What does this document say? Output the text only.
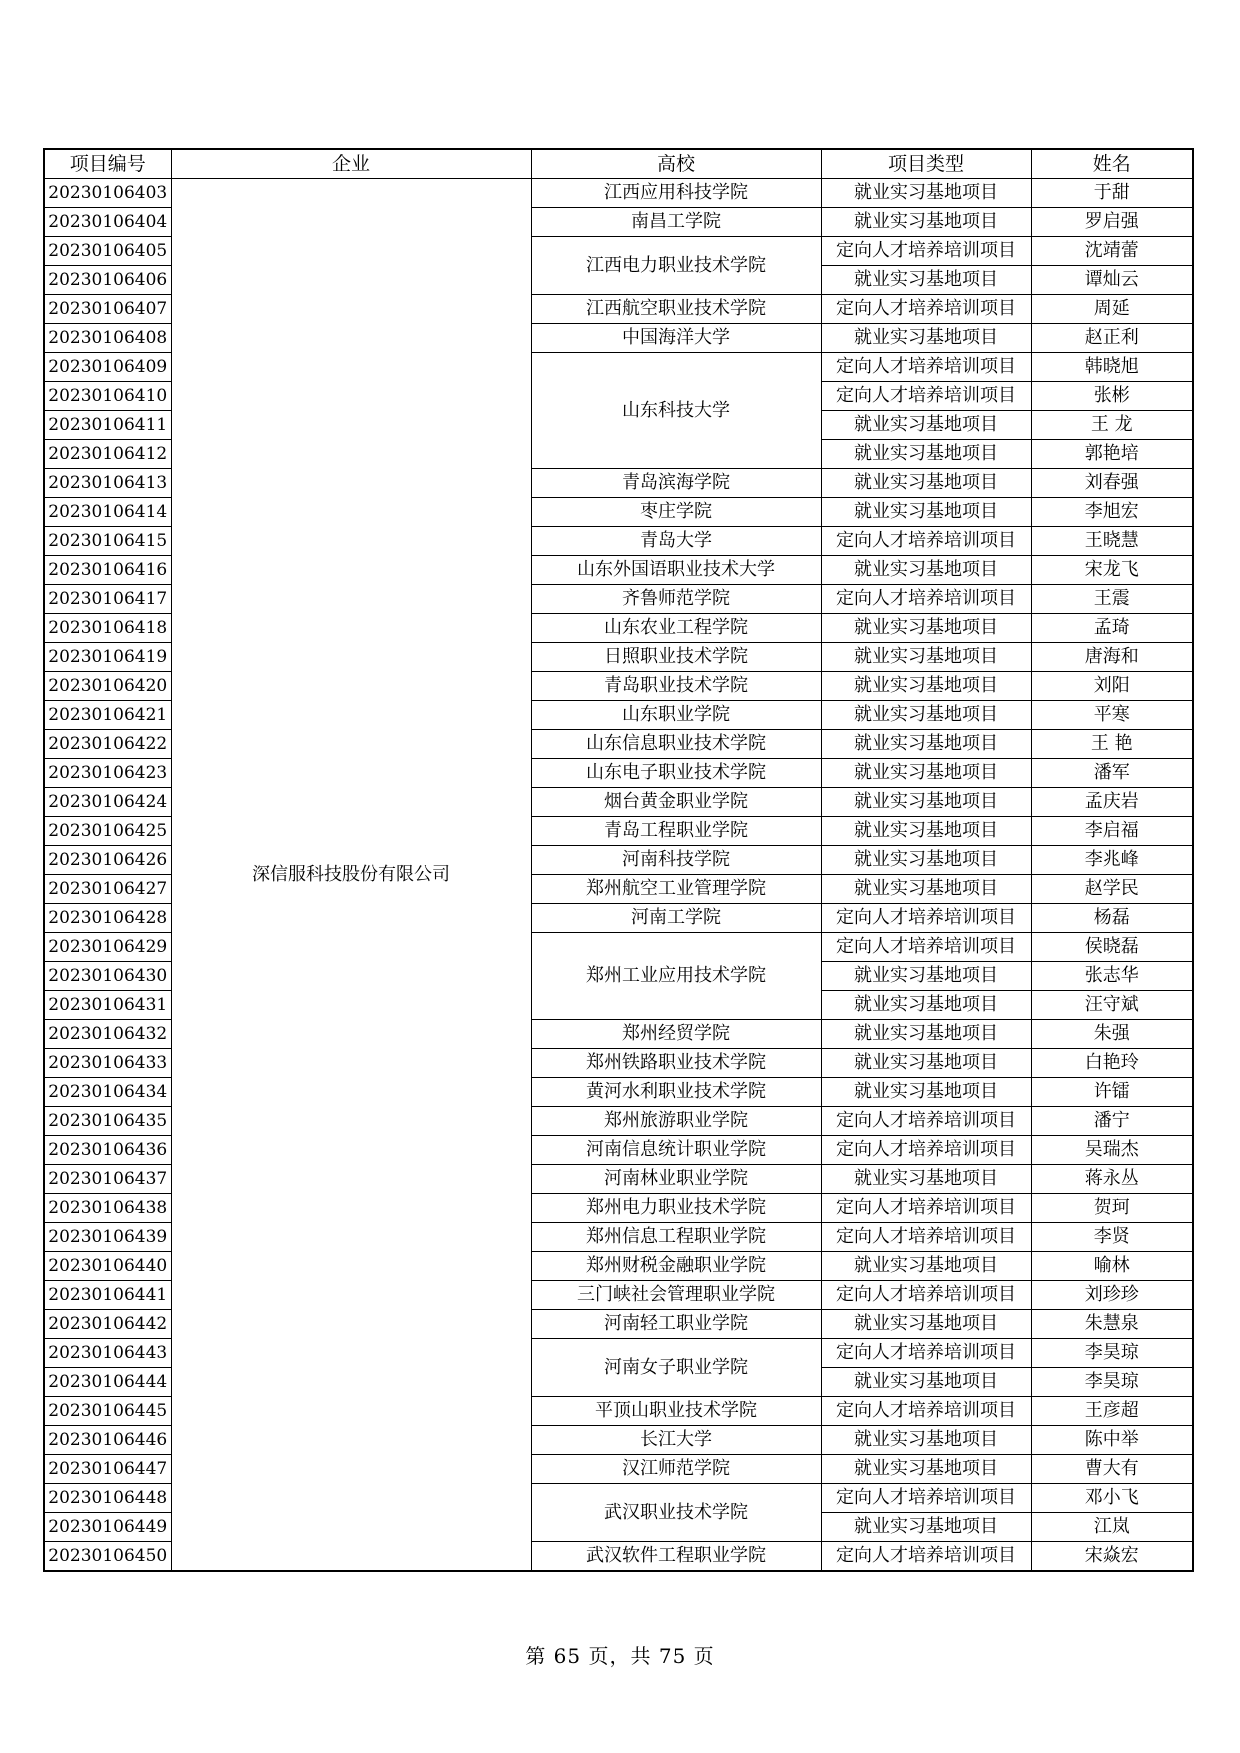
项目编号	企业	高校	项目类型	姓名
20230106403	深信服科技股份有限公司	江西应用科技学院	就业实习基地项目	于甜
20230106404		南昌工学院	就业实习基地项目	罗启强
20230106405		江西电力职业技术学院	定向人才培养培训项目	沈靖蕾
20230106406			就业实习基地项目	谭灿云
20230106407		江西航空职业技术学院	定向人才培养培训项目	周延
20230106408		中国海洋大学	就业实习基地项目	赵正利
20230106409		山东科技大学	定向人才培养培训项目	韩晓旭
20230106410			定向人才培养培训项目	张彬
20230106411			就业实习基地项目	王 龙
20230106412			就业实习基地项目	郭艳培
20230106413		青岛滨海学院	就业实习基地项目	刘春强
20230106414		枣庄学院	就业实习基地项目	李旭宏
20230106415		青岛大学	定向人才培养培训项目	王晓慧
20230106416		山东外国语职业技术大学	就业实习基地项目	宋龙飞
20230106417		齐鲁师范学院	定向人才培养培训项目	王震
20230106418		山东农业工程学院	就业实习基地项目	孟琦
20230106419		日照职业技术学院	就业实习基地项目	唐海和
20230106420		青岛职业技术学院	就业实习基地项目	刘阳
20230106421		山东职业学院	就业实习基地项目	平寒
20230106422		山东信息职业技术学院	就业实习基地项目	王 艳
20230106423		山东电子职业技术学院	就业实习基地项目	潘军
20230106424		烟台黄金职业学院	就业实习基地项目	孟庆岩
20230106425		青岛工程职业学院	就业实习基地项目	李启福
20230106426		河南科技学院	就业实习基地项目	李兆峰
20230106427		郑州航空工业管理学院	就业实习基地项目	赵学民
20230106428		河南工学院	定向人才培养培训项目	杨磊
20230106429		郑州工业应用技术学院	定向人才培养培训项目	侯晓磊
20230106430			就业实习基地项目	张志华
20230106431			就业实习基地项目	汪守斌
20230106432		郑州经贸学院	就业实习基地项目	朱强
20230106433		郑州铁路职业技术学院	就业实习基地项目	白艳玲
20230106434		黄河水利职业技术学院	就业实习基地项目	许镭
20230106435		郑州旅游职业学院	定向人才培养培训项目	潘宁
20230106436		河南信息统计职业学院	定向人才培养培训项目	吴瑞杰
20230106437		河南林业职业学院	就业实习基地项目	蒋永丛
20230106438		郑州电力职业技术学院	定向人才培养培训项目	贺珂
20230106439		郑州信息工程职业学院	定向人才培养培训项目	李贤
20230106440		郑州财税金融职业学院	就业实习基地项目	喻林
20230106441		三门峡社会管理职业学院	定向人才培养培训项目	刘珍珍
20230106442		河南轻工职业学院	就业实习基地项目	朱慧泉
20230106443		河南女子职业学院	定向人才培养培训项目	李昊琼
20230106444			就业实习基地项目	李昊琼
20230106445		平顶山职业技术学院	定向人才培养培训项目	王彦超
20230106446		长江大学	就业实习基地项目	陈中举
20230106447		汉江师范学院	就业实习基地项目	曹大有
20230106448		武汉职业技术学院	定向人才培养培训项目	邓小飞
20230106449			就业实习基地项目	江岚
20230106450		武汉软件工程职业学院	定向人才培养培训项目	宋焱宏
第 65 页，共 75 页
